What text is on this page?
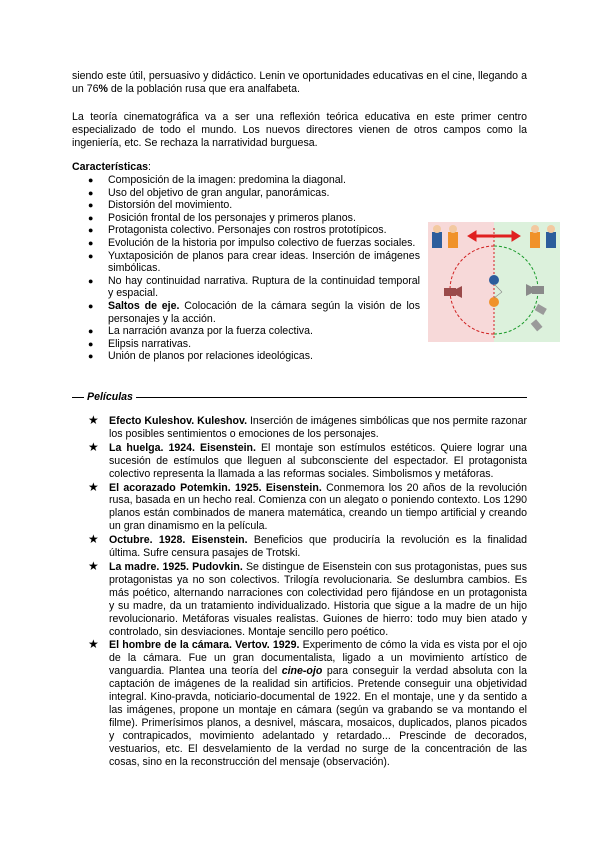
siendo este útil, persuasivo y didáctico. Lenin ve oportunidades educativas en el cine, llegando a un 76% de la población rusa que era analfabeta.

La teoría cinematográfica va a ser una reflexión teórica educativa en este primer centro especializado de todo el mundo. Los nuevos directores vienen de otros campos como la ingeniería, etc. Se rechaza la narratividad burguesa.

Características:

● Composición de la imagen: predomina la diagonal.
● Uso del objetivo de gran angular, panorámicas.
● Distorsión del movimiento.
● Posición frontal de los personajes y primeros planos.
● Protagonista colectivo. Personajes con rostros prototípicos.
● Evolución de la historia por impulso colectivo de fuerzas sociales.
● Yuxtaposición de planos para crear ideas. Inserción de imágenes simbólicas.
● No hay continuidad narrativa. Ruptura de la continuidad temporal y espacial.
● Saltos de eje. Colocación de la cámara según la visión de los personajes y la acción.
● La narración avanza por la fuerza colectiva.
● Elipsis narrativas.
● Unión de planos por relaciones ideológicas.
Películas
★ Efecto Kuleshov. Kuleshov. Inserción de imágenes simbólicas que nos permite razonar los posibles sentimientos o emociones de los personajes.
★ La huelga. 1924. Eisenstein. El montaje son estímulos estéticos. Quiere lograr una sucesión de estímulos que lleguen al subconsciente del espectador. El protagonista colectivo representa la llamada a las reformas sociales. Simbolismos y metáforas.
★ El acorazado Potemkin. 1925. Eisenstein. Conmemora los 20 años de la revolución rusa, basada en un hecho real. Comienza con un alegato o poniendo contexto. Los 1290 planos están combinados de manera matemática, creando un tiempo artificial y creando un gran dinamismo en la película.
★ Octubre. 1928. Eisenstein. Beneficios que produciría la revolución es la finalidad última. Sufre censura pasajes de Trotski.
★ La madre. 1925. Pudovkin. Se distingue de Eisenstein con sus protagonistas, pues sus protagonistas ya no son colectivos. Trilogía revolucionaria. Se deslumbra cambios. Es más poético, alternando narraciones con colectividad pero fijándose en un protagonista y su madre, da un tratamiento individualizado. Historia que sigue a la madre de un hijo revolucionario. Metáforas visuales realistas. Guiones de hierro: todo muy bien atado y controlado, sin desviaciones. Montaje sencillo pero poético.
★ El hombre de la cámara. Vertov. 1929. Experimento de cómo la vida es vista por el ojo de la cámara. Fue un gran documentalista, ligado a un movimiento artístico de vanguardia. Plantea una teoría del cine-ojo para conseguir la verdad absoluta con la captación de imágenes de la realidad sin artificios. Pretende conseguir una objetividad integral. Kino-pravda, noticiario-documental de 1922. En el montaje, une y da sentido a las imágenes, propone un montaje en cámara (según va grabando se va montando el filme). Primerísimos planos, a desnivel, máscara, mosaicos, duplicados, planos picados y contrapicados, movimiento adelantado y retardado... Prescinde de decorados, vestuarios, etc. El desvelamiento de la verdad no surge de la concentración de las cosas, sino en la reconstrucción del mensaje (observación).
